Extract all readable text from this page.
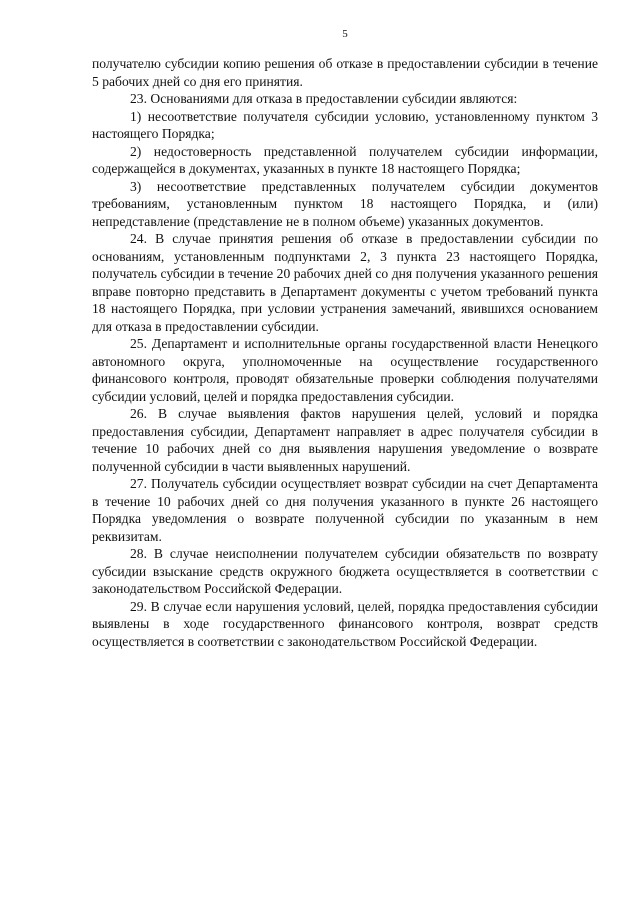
5

получателю субсидии копию решения об отказе в предоставлении субсидии в течение 5 рабочих дней со дня его принятия.

23. Основаниями для отказа в предоставлении субсидии являются:

1) несоответствие получателя субсидии условию, установленному пунктом 3 настоящего Порядка;

2) недостоверность представленной получателем субсидии информации, содержащейся в документах, указанных в пункте 18 настоящего Порядка;

3) несоответствие представленных получателем субсидии документов требованиям, установленным пунктом 18 настоящего Порядка, и (или) непредставление (представление не в полном объеме) указанных документов.

24. В случае принятия решения об отказе в предоставлении субсидии по основаниям, установленным подпунктами 2, 3 пункта 23 настоящего Порядка, получатель субсидии в течение 20 рабочих дней со дня получения указанного решения вправе повторно представить в Департамент документы с учетом требований пункта 18 настоящего Порядка, при условии устранения замечаний, явившихся основанием для отказа в предоставлении субсидии.

25. Департамент и исполнительные органы государственной власти Ненецкого автономного округа, уполномоченные на осуществление государственного финансового контроля, проводят обязательные проверки соблюдения получателями субсидии условий, целей и порядка предоставления субсидии.

26. В случае выявления фактов нарушения целей, условий и порядка предоставления субсидии, Департамент направляет в адрес получателя субсидии в течение 10 рабочих дней со дня выявления нарушения уведомление о возврате полученной субсидии в части выявленных нарушений.

27. Получатель субсидии осуществляет возврат субсидии на счет Департамента в течение 10 рабочих дней со дня получения указанного в пункте 26 настоящего Порядка уведомления о возврате полученной субсидии по указанным в нем реквизитам.

28. В случае неисполнении получателем субсидии обязательств по возврату субсидии взыскание средств окружного бюджета осуществляется в соответствии с законодательством Российской Федерации.

29. В случае если нарушения условий, целей, порядка предоставления субсидии выявлены в ходе государственного финансового контроля, возврат средств осуществляется в соответствии с законодательством Российской Федерации.
